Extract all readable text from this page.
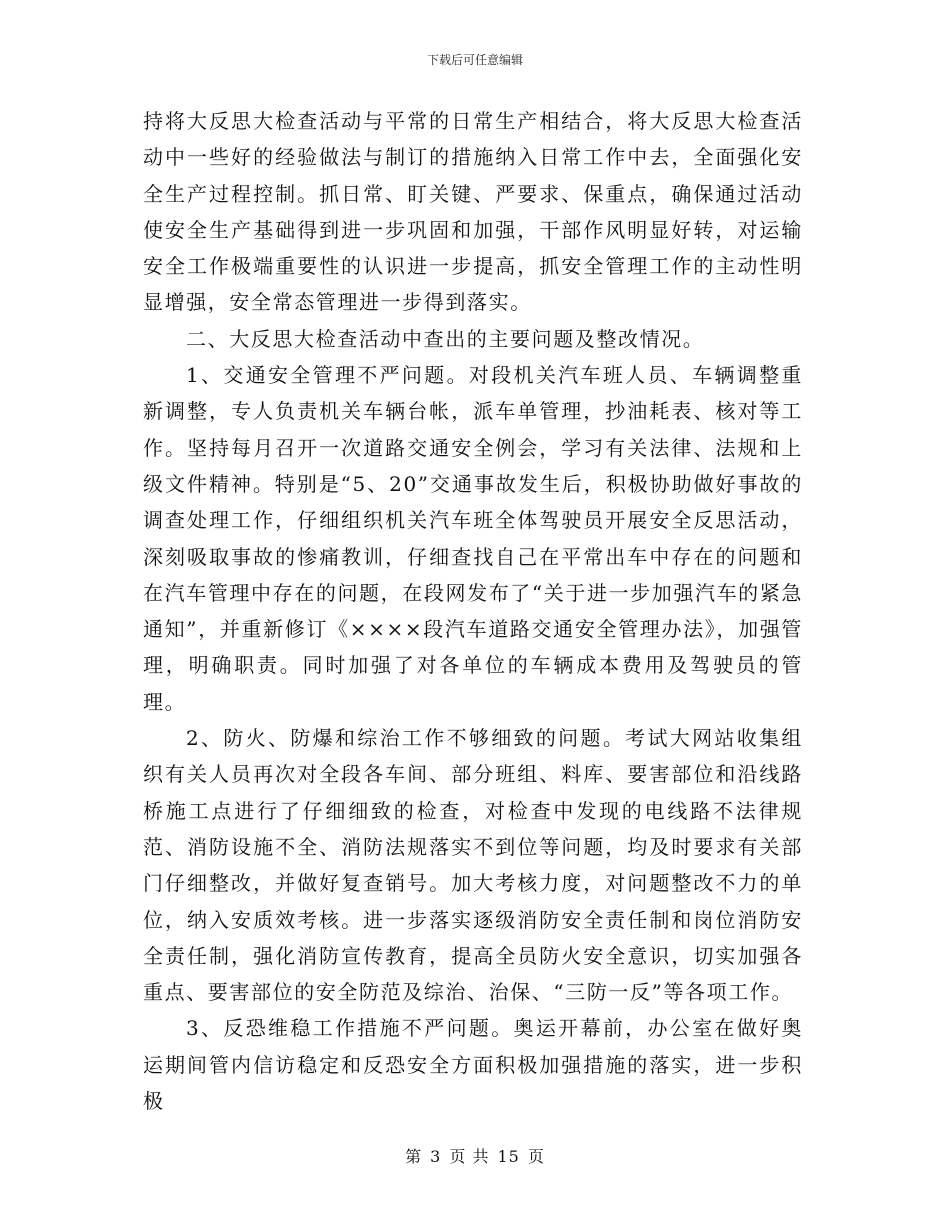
下载后可任意编辑

持将大反思大检查活动与平常的日常生产相结合，将大反思大检查活动中一些好的经验做法与制订的措施纳入日常工作中去，全面强化安全生产过程控制。抓日常、盯关键、严要求、保重点，确保通过活动使安全生产基础得到进一步巩固和加强，干部作风明显好转，对运输安全工作极端重要性的认识进一步提高，抓安全管理工作的主动性明显增强，安全常态管理进一步得到落实。

二、大反思大检查活动中查出的主要问题及整改情况。

1、交通安全管理不严问题。对段机关汽车班人员、车辆调整重新调整，专人负责机关车辆台帐，派车单管理，抄油耗表、核对等工作。坚持每月召开一次道路交通安全例会，学习有关法律、法规和上级文件精神。特别是“5、20”交通事故发生后，积极协助做好事故的调查处理工作，仔细组织机关汽车班全体驾驶员开展安全反思活动，深刻吸取事故的惨痛教训，仔细查找自己在平常出车中存在的问题和在汽车管理中存在的问题，在段网发布了“关于进一步加强汽车的紧急通知”，并重新修订《××××段汽车道路交通安全管理办法》，加强管理，明确职责。同时加强了对各单位的车辆成本费用及驾驶员的管理。

2、防火、防爆和综治工作不够细致的问题。考试大网站收集组织有关人员再次对全段各车间、部分班组、料库、要害部位和沿线路桥施工点进行了仔细细致的检查，对检查中发现的电线路不法律规范、消防设施不全、消防法规落实不到位等问题，均及时要求有关部门仔细整改，并做好复查销号。加大考核力度，对问题整改不力的单位，纳入安质效考核。进一步落实逐级消防安全责任制和岗位消防安全责任制，强化消防宣传教育，提高全员防火安全意识，切实加强各重点、要害部位的安全防范及综治、治保、“三防一反”等各项工作。

3、反恐维稳工作措施不严问题。奥运开幕前，办公室在做好奥运期间管内信访稳定和反恐安全方面积极加强措施的落实，进一步积极

第 3 页 共 15 页
